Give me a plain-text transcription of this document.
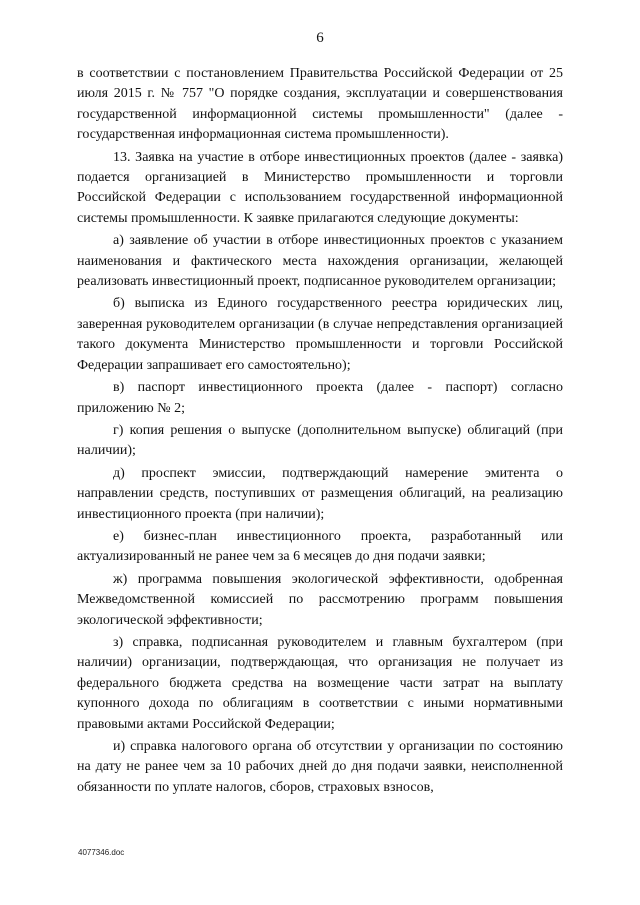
6

в соответствии с постановлением Правительства Российской Федерации от 25 июля 2015 г. № 757 "О порядке создания, эксплуатации и совершенствования государственной информационной системы промышленности" (далее - государственная информационная система промышленности).

13. Заявка на участие в отборе инвестиционных проектов (далее - заявка) подается организацией в Министерство промышленности и торговли Российской Федерации с использованием государственной информационной системы промышленности. К заявке прилагаются следующие документы:

а) заявление об участии в отборе инвестиционных проектов с указанием наименования и фактического места нахождения организации, желающей реализовать инвестиционный проект, подписанное руководителем организации;

б) выписка из Единого государственного реестра юридических лиц, заверенная руководителем организации (в случае непредставления организацией такого документа Министерство промышленности и торговли Российской Федерации запрашивает его самостоятельно);

в) паспорт инвестиционного проекта (далее - паспорт) согласно приложению № 2;

г) копия решения о выпуске (дополнительном выпуске) облигаций (при наличии);

д) проспект эмиссии, подтверждающий намерение эмитента о направлении средств, поступивших от размещения облигаций, на реализацию инвестиционного проекта (при наличии);

е) бизнес-план инвестиционного проекта, разработанный или актуализированный не ранее чем за 6 месяцев до дня подачи заявки;

ж) программа повышения экологической эффективности, одобренная Межведомственной комиссией по рассмотрению программ повышения экологической эффективности;

з) справка, подписанная руководителем и главным бухгалтером (при наличии) организации, подтверждающая, что организация не получает из федерального бюджета средства на возмещение части затрат на выплату купонного дохода по облигациям в соответствии с иными нормативными правовыми актами Российской Федерации;

и) справка налогового органа об отсутствии у организации по состоянию на дату не ранее чем за 10 рабочих дней до дня подачи заявки, неисполненной обязанности по уплате налогов, сборов, страховых взносов,

4077346.doc
